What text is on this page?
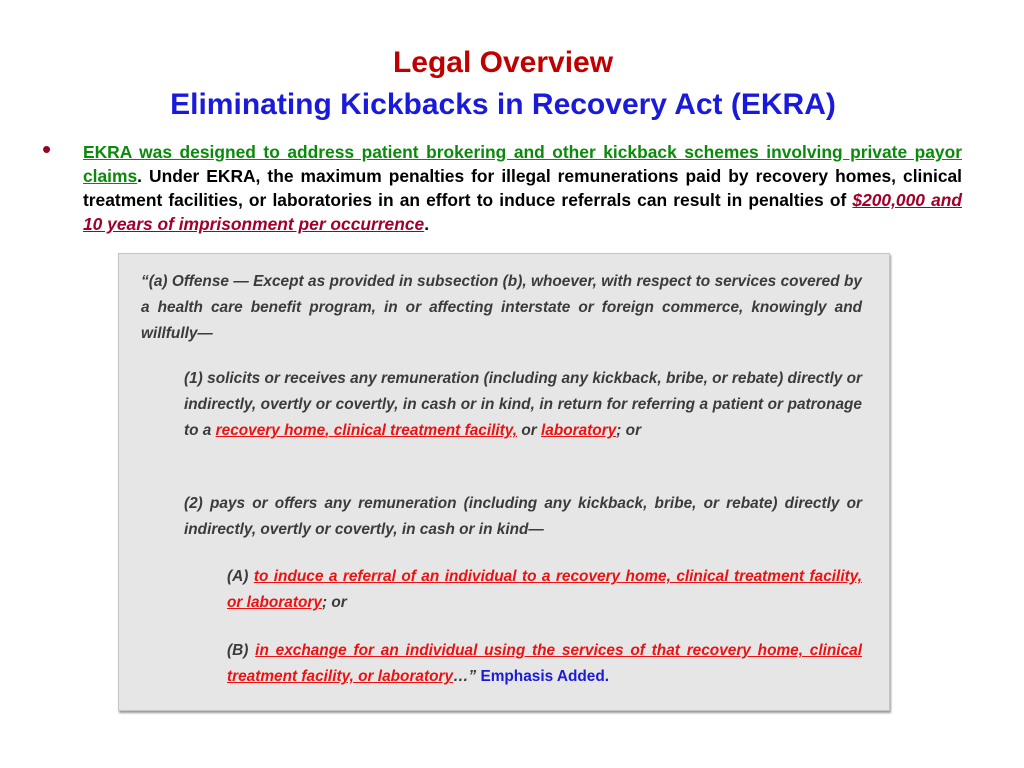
Legal Overview
Eliminating Kickbacks in Recovery Act (EKRA)
• EKRA was designed to address patient brokering and other kickback schemes involving private payor claims. Under EKRA, the maximum penalties for illegal remunerations paid by recovery homes, clinical treatment facilities, or laboratories in an effort to induce referrals can result in penalties of $200,000 and 10 years of imprisonment per occurrence.
“(a) Offense — Except as provided in subsection (b), whoever, with respect to services covered by a health care benefit program, in or affecting interstate or foreign commerce, knowingly and willfully—
(1) solicits or receives any remuneration (including any kickback, bribe, or rebate) directly or indirectly, overtly or covertly, in cash or in kind, in return for referring a patient or patronage to a recovery home, clinical treatment facility, or laboratory; or
(2) pays or offers any remuneration (including any kickback, bribe, or rebate) directly or indirectly, overtly or covertly, in cash or in kind—
(A) to induce a referral of an individual to a recovery home, clinical treatment facility, or laboratory; or
(B) in exchange for an individual using the services of that recovery home, clinical treatment facility, or laboratory…” Emphasis Added.
